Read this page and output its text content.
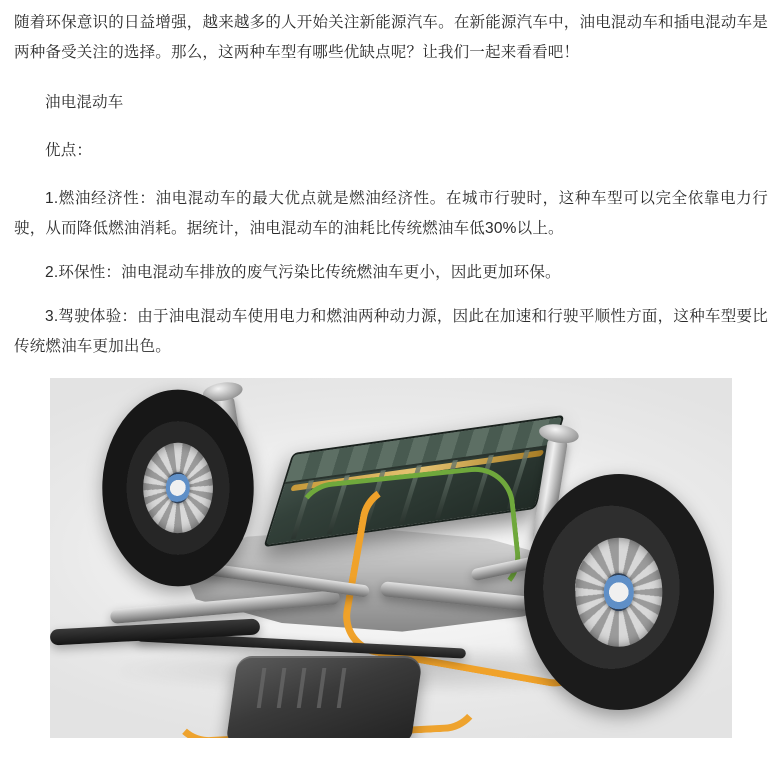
随着环保意识的日益增强，越来越多的人开始关注新能源汽车。在新能源汽车中，油电混动车和插电混动车是两种备受关注的选择。那么，这两种车型有哪些优缺点呢？让我们一起来看看吧！

油电混动车

优点：

1.燃油经济性：油电混动车的最大优点就是燃油经济性。在城市行驶时，这种车型可以完全依靠电力行驶，从而降低燃油消耗。据统计，油电混动车的油耗比传统燃油车低30%以上。

2.环保性：油电混动车排放的废气污染比传统燃油车更小，因此更加环保。

3.驾驶体验：由于油电混动车使用电力和燃油两种动力源，因此在加速和行驶平顺性方面，这种车型要比传统燃油车更加出色。
